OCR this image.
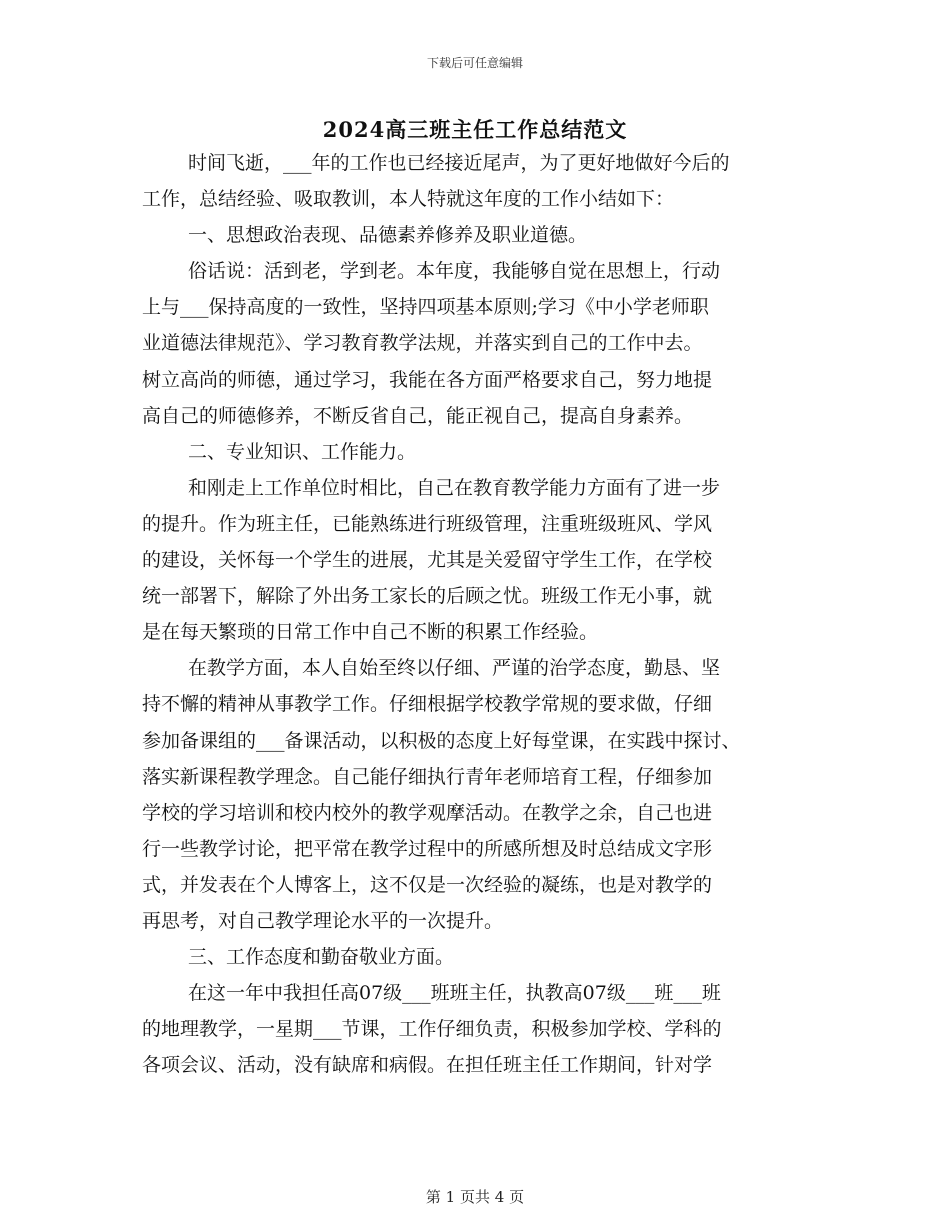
下载后可任意编辑
2024高三班主任工作总结范文
时间飞逝，___年的工作也已经接近尾声，为了更好地做好今后的
工作，总结经验、吸取教训，本人特就这年度的工作小结如下：
一、思想政治表现、品德素养修养及职业道德。
俗话说：活到老，学到老。本年度，我能够自觉在思想上，行动
上与___保持高度的一致性，坚持四项基本原则;学习《中小学老师职
业道德法律规范》、学习教育教学法规，并落实到自己的工作中去。
树立高尚的师德，通过学习，我能在各方面严格要求自己，努力地提
高自己的师德修养，不断反省自己，能正视自己，提高自身素养。
二、专业知识、工作能力。
和刚走上工作单位时相比，自己在教育教学能力方面有了进一步
的提升。作为班主任，已能熟练进行班级管理，注重班级班风、学风
的建设，关怀每一个学生的进展，尤其是关爱留守学生工作，在学校
统一部署下，解除了外出务工家长的后顾之忧。班级工作无小事，就
是在每天繁琐的日常工作中自己不断的积累工作经验。
在教学方面，本人自始至终以仔细、严谨的治学态度，勤恳、坚
持不懈的精神从事教学工作。仔细根据学校教学常规的要求做，仔细
参加备课组的___备课活动，以积极的态度上好每堂课，在实践中探讨、
落实新课程教学理念。自己能仔细执行青年老师培育工程，仔细参加
学校的学习培训和校内校外的教学观摩活动。在教学之余，自己也进
行一些教学讨论，把平常在教学过程中的所感所想及时总结成文字形
式，并发表在个人博客上，这不仅是一次经验的凝练，也是对教学的
再思考，对自己教学理论水平的一次提升。
三、工作态度和勤奋敬业方面。
在这一年中我担任高07级___班班主任，执教高07级___班___班
的地理教学，一星期___节课，工作仔细负责，积极参加学校、学科的
各项会议、活动，没有缺席和病假。在担任班主任工作期间，针对学
第 1 页共 4 页
